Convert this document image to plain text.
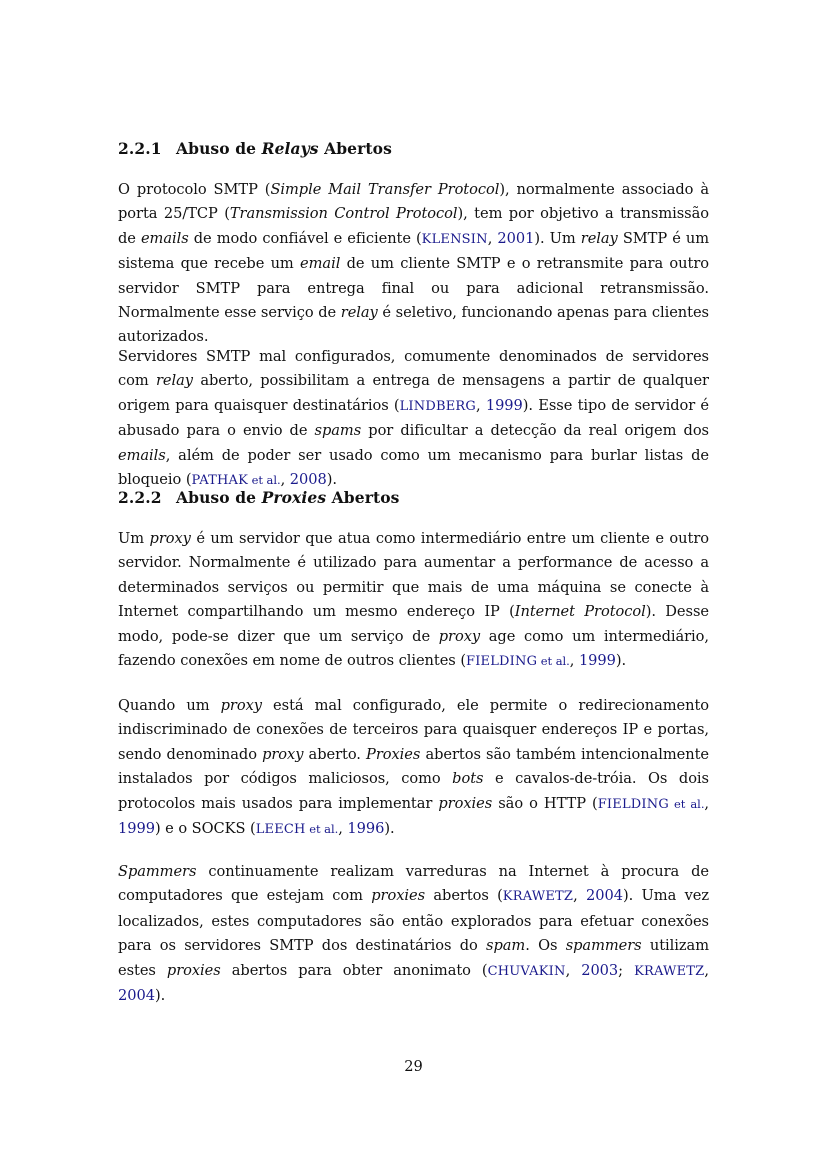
2.2.1 Abuso de Relays Abertos

O protocolo SMTP (Simple Mail Transfer Protocol), normalmente associado à porta 25/TCP (Transmission Control Protocol), tem por objetivo a transmissão de emails de modo confiável e eficiente (KLENSIN, 2001). Um relay SMTP é um sistema que recebe um email de um cliente SMTP e o retransmite para outro servidor SMTP para entrega final ou para adicional retransmissão. Normalmente esse serviço de relay é seletivo, funcionando apenas para clientes autorizados.

Servidores SMTP mal configurados, comumente denominados de servidores com relay aberto, possibilitam a entrega de mensagens a partir de qualquer origem para quaisquer destinatários (LINDBERG, 1999). Esse tipo de servidor é abusado para o envio de spams por dificultar a detecção da real origem dos emails, além de poder ser usado como um mecanismo para burlar listas de bloqueio (PATHAK et al., 2008).

2.2.2 Abuso de Proxies Abertos

Um proxy é um servidor que atua como intermediário entre um cliente e outro servidor. Normalmente é utilizado para aumentar a performance de acesso a determinados serviços ou permitir que mais de uma máquina se conecte à Internet compartilhando um mesmo endereço IP (Internet Protocol). Desse modo, pode-se dizer que um serviço de proxy age como um intermediário, fazendo conexões em nome de outros clientes (FIELDING et al., 1999).

Quando um proxy está mal configurado, ele permite o redirecionamento indiscriminado de conexões de terceiros para quaisquer endereços IP e portas, sendo denominado proxy aberto. Proxies abertos são também intencionalmente instalados por códigos maliciosos, como bots e cavalos-de-tróia. Os dois protocolos mais usados para implementar proxies são o HTTP (FIELDING et al., 1999) e o SOCKS (LEECH et al., 1996).

Spammers continuamente realizam varreduras na Internet à procura de computadores que estejam com proxies abertos (KRAWETZ, 2004). Uma vez localizados, estes computadores são então explorados para efetuar conexões para os servidores SMTP dos destinatários do spam. Os spammers utilizam estes proxies abertos para obter anonimato (CHUVAKIN, 2003; KRAWETZ, 2004).

29
